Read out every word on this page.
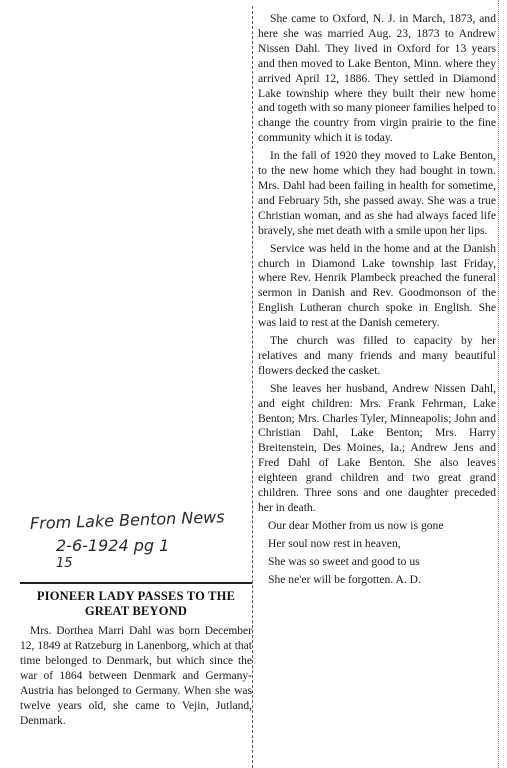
From Lake Benton News
2-6-1924 pg 1
15
PIONEER LADY PASSES TO THE GREAT BEYOND

Mrs. Dorthea Marri Dahl was born December 12, 1849 at Ratzeburg in Lanenborg, which at that time belonged to Denmark, but which since the war of 1864 between Denmark and Germany-Austria has belonged to Germany. When she was twelve years old, she came to Vejin, Jutland, Denmark.

She came to Oxford, N. J. in March, 1873, and here she was married Aug. 23, 1873 to Andrew Nissen Dahl. They lived in Oxford for 13 years and then moved to Lake Benton, Minn. where they arrived April 12, 1886. They settled in Diamond Lake township where they built their new home and togeth with so many pioneer families helped to change the country from virgin prairie to the fine community which it is today.

In the fall of 1920 they moved to Lake Benton, to the new home which they had bought in town. Mrs. Dahl had been failing in health for sometime, and February 5th, she passed away. She was a true Christian woman, and as she had always faced life bravely, she met death with a smile upon her lips.

Service was held in the home and at the Danish church in Diamond Lake township last Friday, where Rev. Henrik Plambeck preached the funeral sermon in Danish and Rev. Goodmonson of the English Lutheran church spoke in English. She was laid to rest at the Danish cemetery.

The church was filled to capacity by her relatives and many friends and many beautiful flowers decked the casket.

She leaves her husband, Andrew Nissen Dahl, and eight children: Mrs. Frank Fehrman, Lake Benton; Mrs. Charles Tyler, Minneapolis; John and Christian Dahl, Lake Benton; Mrs. Harry Breitenstein, Des Moines, Ia.; Andrew Jens and Fred Dahl of Lake Benton. She also leaves eighteen grand children and two great grand children. Three sons and one daughter preceded her in death.

Our dear Mother from us now is gone

Her soul now rest in heaven,

She was so sweet and good to us

She ne'er will be forgotten. A. D.
